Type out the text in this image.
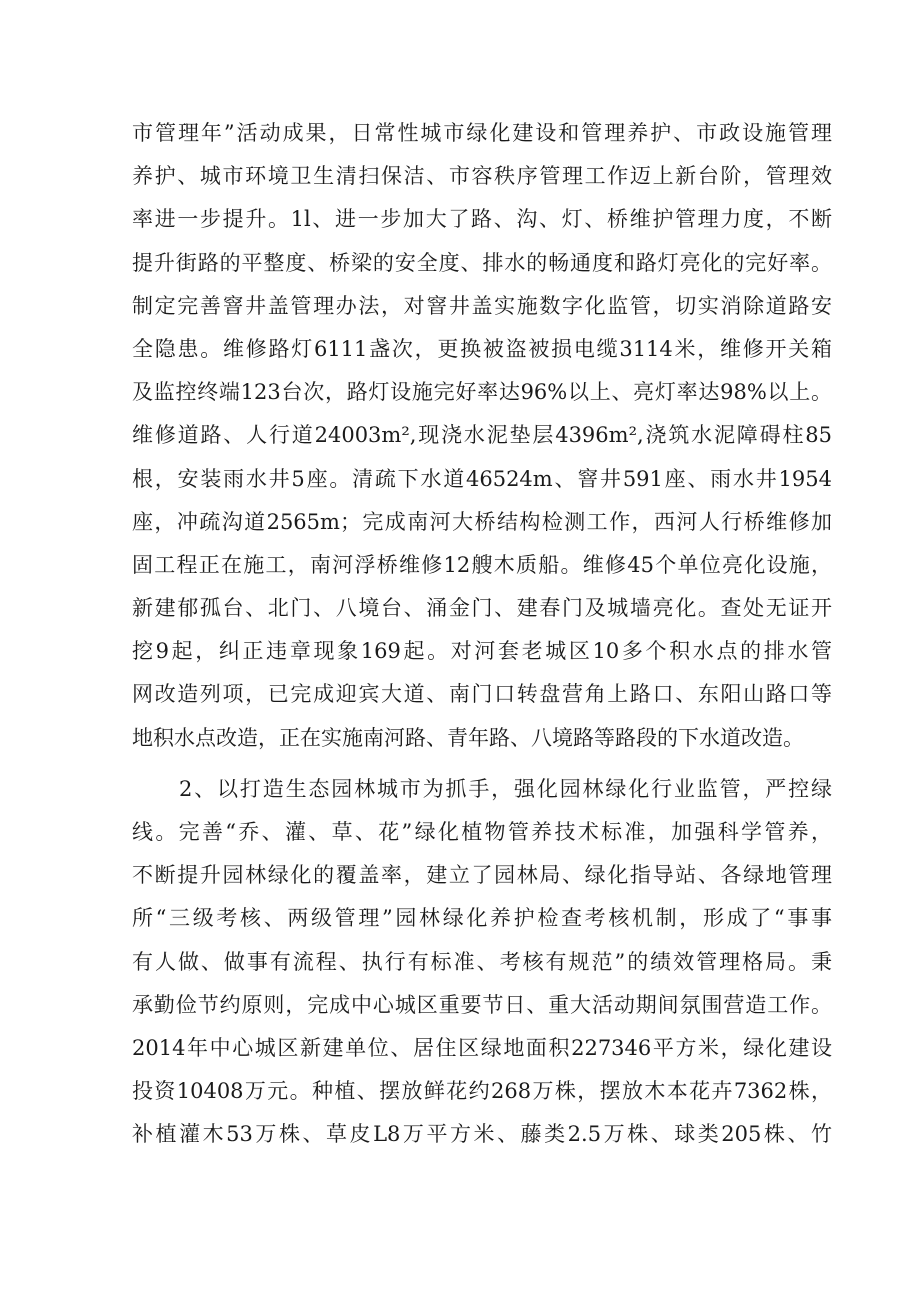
市管理年”活动成果，日常性城市绿化建设和管理养护、市政设施管理
养护、城市环境卫生清扫保洁、市容秩序管理工作迈上新台阶，管理效
率进一步提升。1l、进一步加大了路、沟、灯、桥维护管理力度，不断
提升街路的平整度、桥梁的安全度、排水的畅通度和路灯亮化的完好率。
制定完善窨井盖管理办法，对窨井盖实施数字化监管，切实消除道路安
全隐患。维修路灯6111盏次，更换被盗被损电缆3114米，维修开关箱
及监控终端123台次，路灯设施完好率达96%以上、亮灯率达98%以上。
维修道路、人行道24003m²,现浇水泥垫层4396m²,浇筑水泥障碍柱85
根，安装雨水井5座。清疏下水道46524m、窨井591座、雨水井1954
座，冲疏沟道2565m；完成南河大桥结构检测工作，西河人行桥维修加
固工程正在施工，南河浮桥维修12艘木质船。维修45个单位亮化设施，
新建郁孤台、北门、八境台、涌金门、建春门及城墙亮化。查处无证开
挖9起，纠正违章现象169起。对河套老城区10多个积水点的排水管
网改造列项，已完成迎宾大道、南门口转盘营角上路口、东阳山路口等
地积水点改造，正在实施南河路、青年路、八境路等路段的下水道改造。
2、以打造生态园林城市为抓手，强化园林绿化行业监管，严控绿
线。完善“乔、灌、草、花”绿化植物管养技术标准，加强科学管养，
不断提升园林绿化的覆盖率，建立了园林局、绿化指导站、各绿地管理
所“三级考核、两级管理”园林绿化养护检查考核机制，形成了“事事
有人做、做事有流程、执行有标准、考核有规范”的绩效管理格局。秉
承勤俭节约原则，完成中心城区重要节日、重大活动期间氛围营造工作。
2014年中心城区新建单位、居住区绿地面积227346平方米，绿化建设
投资10408万元。种植、摆放鲜花约268万株，摆放木本花卉7362株，
补植灌木53万株、草皮L8万平方米、藤类2.5万株、球类205株、竹
